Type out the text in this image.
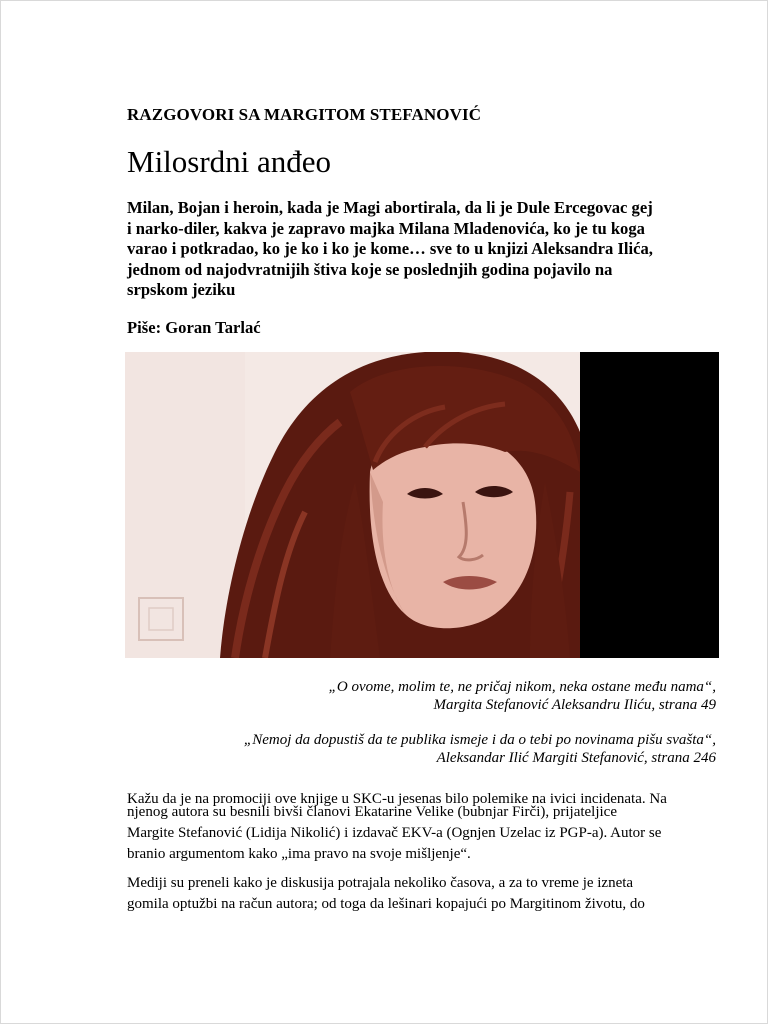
RAZGOVORI SA MARGITOM STEFANOVIĆ
Milosrdni anđeo
Milan, Bojan i heroin, kada je Magi abortirala, da li je Dule Ercegovac gej
i narko-diler, kakva je zapravo majka Milana Mladenovića, ko je tu koga
varao i potkradao, ko je ko i ko je kome… sve to u knjizi Aleksandra Ilića,
jednom od najodvratnijih štiva koje se poslednjih godina pojavilo na
srpskom jeziku
Piše: Goran Tarlać
„O ovome, molim te, ne pričaj nikom, neka ostane među nama“,
Margita Stefanović Aleksandru Iliću, strana 49
„Nemoj da dopustiš da te publika ismeje i da o tebi po novinama pišu svašta“,
Aleksandar Ilić Margiti Stefanović, strana 246
Kažu da je na promociji ove knjige u SKC-u jesenas bilo polemike na ivici incidenata. Na
njenog autora su besnili bivši članovi Ekatarine Velike (bubnjar Firči), prijateljice
Margite Stefanović (Lidija Nikolić) i izdavač EKV-a (Ognjen Uzelac iz PGP-a). Autor se
branio argumentom kako „ima pravo na svoje mišljenje“.
Mediji su preneli kako je diskusija potrajala nekoliko časova, a za to vreme je izneta
gomila optužbi na račun autora; od toga da lešinari kopajući po Margitinom životu, do
